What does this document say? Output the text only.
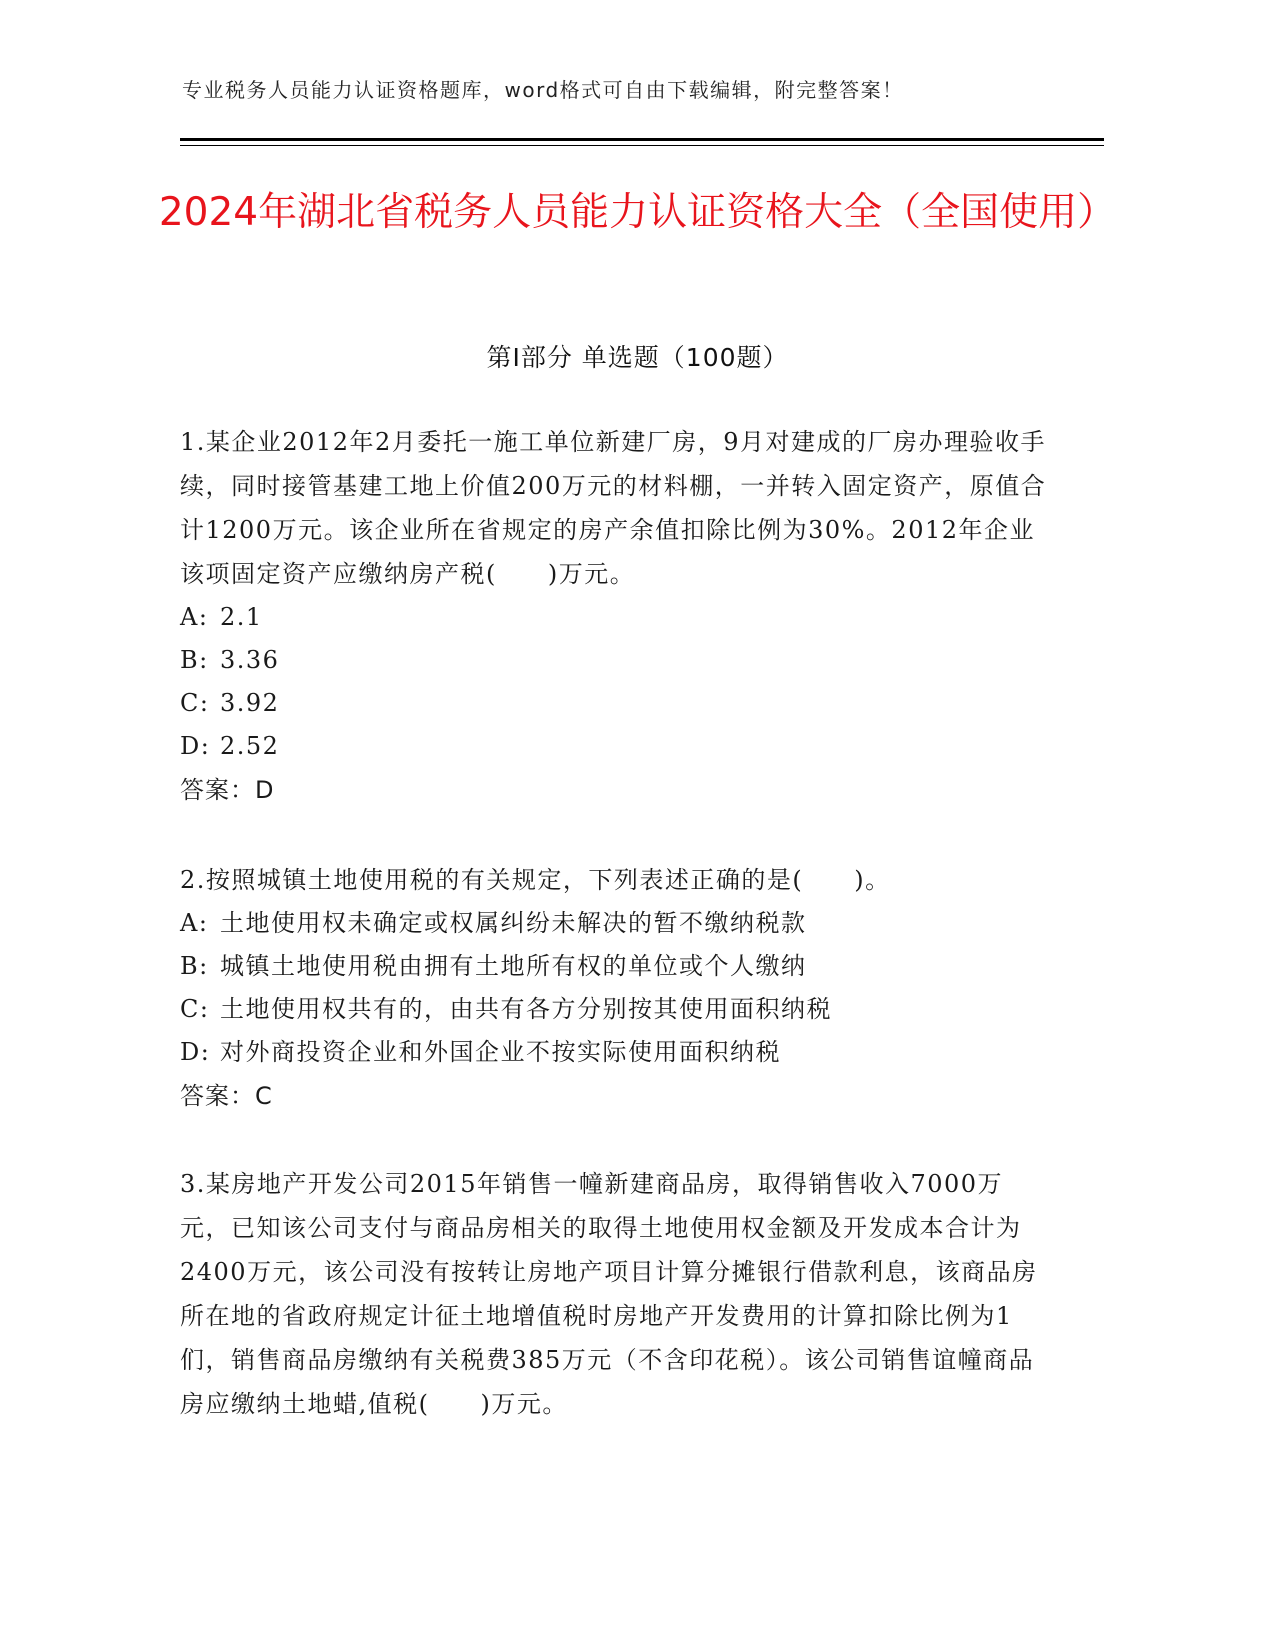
专业税务人员能力认证资格题库，word格式可自由下载编辑，附完整答案！
2024年湖北省税务人员能力认证资格大全（全国使用）
第I部分 单选题（100题）

1.某企业2012年2月委托一施工单位新建厂房，9月对建成的厂房办理验收手续，同时接管基建工地上价值200万元的材料棚，一并转入固定资产，原值合计1200万元。该企业所在省规定的房产余值扣除比例为30%。2012年企业该项固定资产应缴纳房产税(　　)万元。

A: 2.1

B: 3.36

C: 3.92

D: 2.52

答案：D

2.按照城镇土地使用税的有关规定，下列表述正确的是(　　)。

A: 土地使用权未确定或权属纠纷未解决的暂不缴纳税款

B: 城镇土地使用税由拥有土地所有权的单位或个人缴纳

C: 土地使用权共有的，由共有各方分别按其使用面积纳税

D: 对外商投资企业和外国企业不按实际使用面积纳税

答案：C

3.某房地产开发公司2015年销售一幢新建商品房，取得销售收入7000万元，已知该公司支付与商品房相关的取得土地使用权金额及开发成本合计为2400万元，该公司没有按转让房地产项目计算分摊银行借款利息，该商品房所在地的省政府规定计征土地增值税时房地产开发费用的计算扣除比例为1们，销售商品房缴纳有关税费385万元（不含印花税）。该公司销售谊幢商品房应缴纳土地蜡,值税(　　)万元。
